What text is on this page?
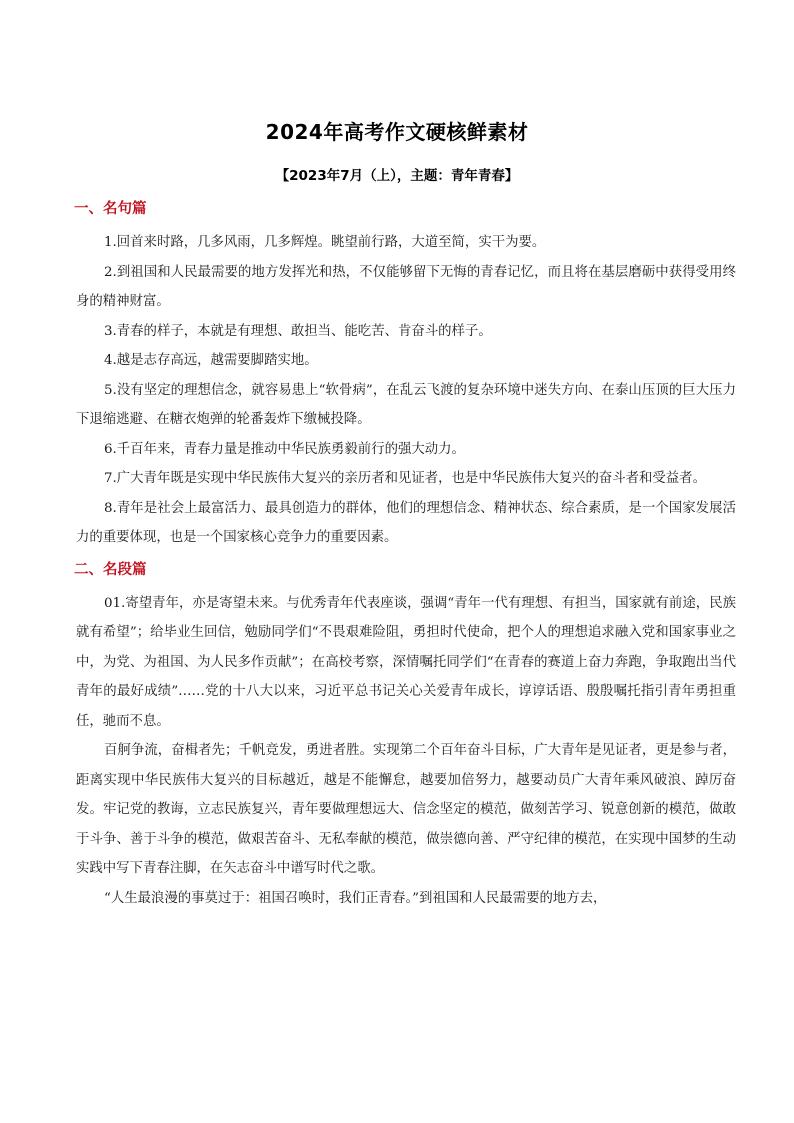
2024年高考作文硬核鲜素材
【2023年7月（上），主题：青年青春】
一、名句篇

1.回首来时路，几多风雨，几多辉煌。眺望前行路，大道至简，实干为要。

2.到祖国和人民最需要的地方发挥光和热，不仅能够留下无悔的青春记忆，而且将在基层磨砺中获得受用终身的精神财富。

3.青春的样子，本就是有理想、敢担当、能吃苦、肯奋斗的样子。

4.越是志存高远，越需要脚踏实地。

5.没有坚定的理想信念，就容易患上“软骨病”，在乱云飞渡的复杂环境中迷失方向、在泰山压顶的巨大压力下退缩逃避、在糖衣炮弹的轮番轰炸下缴械投降。

6.千百年来，青春力量是推动中华民族勇毅前行的强大动力。

7.广大青年既是实现中华民族伟大复兴的亲历者和见证者，也是中华民族伟大复兴的奋斗者和受益者。

8.青年是社会上最富活力、最具创造力的群体，他们的理想信念、精神状态、综合素质，是一个国家发展活力的重要体现，也是一个国家核心竞争力的重要因素。

二、名段篇

01.寄望青年，亦是寄望未来。与优秀青年代表座谈，强调“青年一代有理想、有担当，国家就有前途，民族就有希望”；给毕业生回信，勉励同学们“不畏艰难险阻，勇担时代使命，把个人的理想追求融入党和国家事业之中，为党、为祖国、为人民多作贡献”；在高校考察，深情嘱托同学们“在青春的赛道上奋力奔跑，争取跑出当代青年的最好成绩”……党的十八大以来，习近平总书记关心关爱青年成长，谆谆话语、殷殷嘱托指引青年勇担重任，驰而不息。

百舸争流，奋楫者先；千帆竞发，勇进者胜。实现第二个百年奋斗目标，广大青年是见证者，更是参与者，距离实现中华民族伟大复兴的目标越近，越是不能懈怠，越要加倍努力，越要动员广大青年乘风破浪、踔厉奋发。牢记党的教诲，立志民族复兴，青年要做理想远大、信念坚定的模范，做刻苦学习、锐意创新的模范，做敢于斗争、善于斗争的模范，做艰苦奋斗、无私奉献的模范，做崇德向善、严守纪律的模范，在实现中国梦的生动实践中写下青春注脚，在矢志奋斗中谱写时代之歌。

“人生最浪漫的事莫过于：祖国召唤时，我们正青春。”到祖国和人民最需要的地方去，
